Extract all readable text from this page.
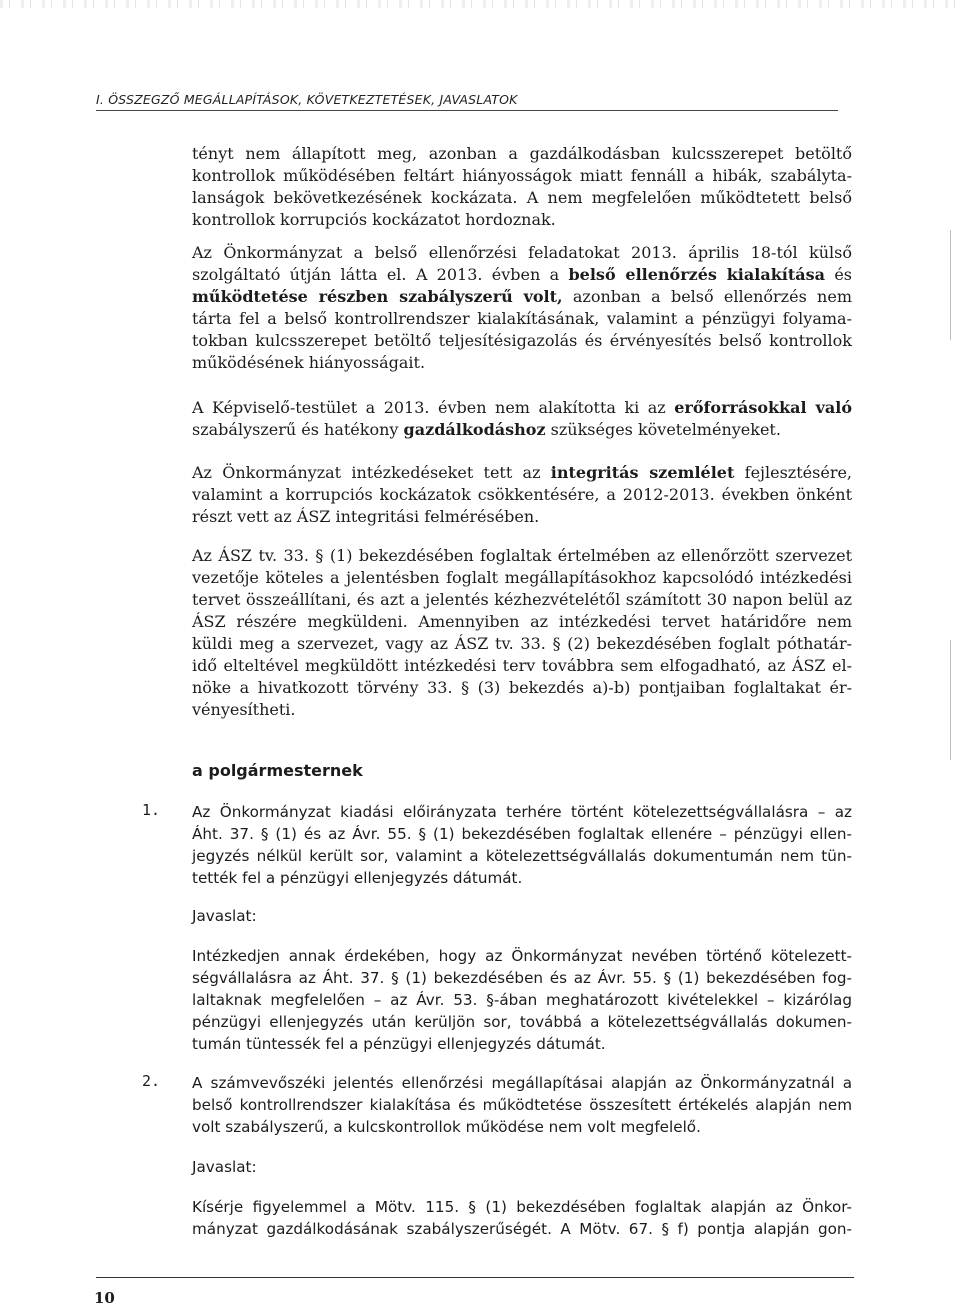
I. ÖSSZEGZŐ MEGÁLLAPÍTÁSOK, KÖVETKEZTETÉSEK, JAVASLATOK

tényt nem állapított meg, azonban a gazdálkodásban kulcsszerepet betöltő
kontrollok működésében feltárt hiányosságok miatt fennáll a hibák, szabályta-
lanságok bekövetkezésének kockázata. A nem megfelelően működtetett belső
kontrollok korrupciós kockázatot hordoznak.

Az Önkormányzat a belső ellenőrzési feladatokat 2013. április 18-tól külső
szolgáltató útján látta el. A 2013. évben a belső ellenőrzés kialakítása és
működtetése részben szabályszerű volt, azonban a belső ellenőrzés nem
tárta fel a belső kontrollrendszer kialakításának, valamint a pénzügyi folyama-
tokban kulcsszerepet betöltő teljesítésigazolás és érvényesítés belső kontrollok
működésének hiányosságait.

A Képviselő-testület a 2013. évben nem alakította ki az erőforrásokkal való
szabályszerű és hatékony gazdálkodáshoz szükséges követelményeket.

Az Önkormányzat intézkedéseket tett az integritás szemlélet fejlesztésére,
valamint a korrupciós kockázatok csökkentésére, a 2012-2013. években önként
részt vett az ÁSZ integritási felmérésében.

Az ÁSZ tv. 33. § (1) bekezdésében foglaltak értelmében az ellenőrzött szervezet
vezetője köteles a jelentésben foglalt megállapításokhoz kapcsolódó intézkedési
tervet összeállítani, és azt a jelentés kézhezvételétől számított 30 napon belül az
ÁSZ részére megküldeni. Amennyiben az intézkedési tervet határidőre nem
küldi meg a szervezet, vagy az ÁSZ tv. 33. § (2) bekezdésében foglalt póthatár-
idő elteltével megküldött intézkedési terv továbbra sem elfogadható, az ÁSZ el-
nöke a hivatkozott törvény 33. § (3) bekezdés a)-b) pontjaiban foglaltakat ér-
vényesítheti.

a polgármesternek
1. Az Önkormányzat kiadási előirányzata terhére történt kötelezettségvállalásra – az
Áht. 37. § (1) és az Ávr. 55. § (1) bekezdésében foglaltak ellenére – pénzügyi ellen-
jegyzés nélkül került sor, valamint a kötelezettségvállalás dokumentumán nem tün-
tették fel a pénzügyi ellenjegyzés dátumát.

Javaslat:

Intézkedjen annak érdekében, hogy az Önkormányzat nevében történő kötelezett-
ségvállalásra az Áht. 37. § (1) bekezdésében és az Ávr. 55. § (1) bekezdésében fog-
laltaknak megfelelően – az Ávr. 53. §-ában meghatározott kivételekkel – kizárólag
pénzügyi ellenjegyzés után kerüljön sor, továbbá a kötelezettségvállalás dokumen-
tumán tüntessék fel a pénzügyi ellenjegyzés dátumát.

2. A számvevőszéki jelentés ellenőrzési megállapításai alapján az Önkormányzatnál a
belső kontrollrendszer kialakítása és működtetése összesített értékelés alapján nem
volt szabályszerű, a kulcskontrollok működése nem volt megfelelő.

Javaslat:

Kísérje figyelemmel a Mötv. 115. § (1) bekezdésében foglaltak alapján az Önkor-
mányzat gazdálkodásának szabályszerűségét. A Mötv. 67. § f) pontja alapján gon-

10
